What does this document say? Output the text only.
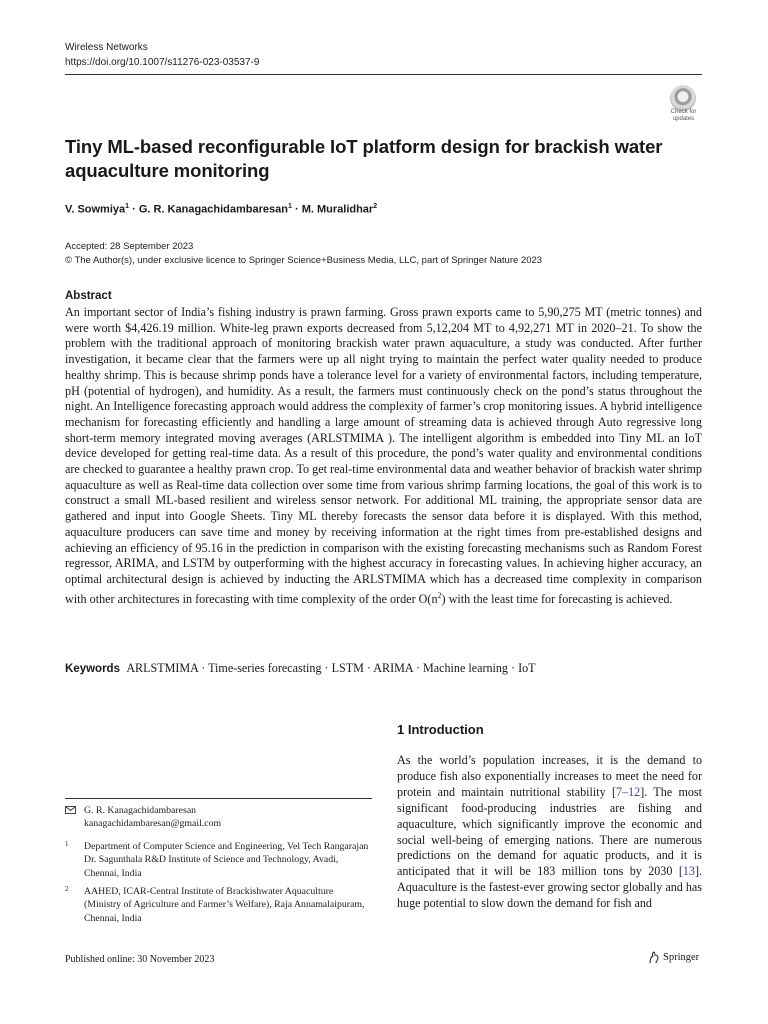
Wireless Networks
https://doi.org/10.1007/s11276-023-03537-9
Check for
updates
Tiny ML-based reconfigurable IoT platform design for brackish water aquaculture monitoring
V. Sowmiya$^1$ · G. R. Kanagachidambaresan$^1$ · M. Muralidhar$^2$
Accepted: 28 September 2023
© The Author(s), under exclusive licence to Springer Science+Business Media, LLC, part of Springer Nature 2023
Abstract
An important sector of India’s fishing industry is prawn farming. Gross prawn exports came to 5,90,275 MT (metric tonnes) and were worth $4,426.19 million. White-leg prawn exports decreased from 5,12,204 MT to 4,92,271 MT in 2020–21. To show the problem with the traditional approach of monitoring brackish water prawn aquaculture, a study was conducted. After further investigation, it became clear that the farmers were up all night trying to maintain the perfect water quality needed to produce healthy shrimp. This is because shrimp ponds have a tolerance level for a variety of environmental factors, including temperature, pH (potential of hydrogen), and humidity. As a result, the farmers must continuously check on the pond’s status throughout the night. An Intelligence forecasting approach would address the complexity of farmer’s crop monitoring issues. A hybrid intelligence mechanism for forecasting efficiently and handling a large amount of streaming data is achieved through Auto regressive long short-term memory integrated moving averages (ARLSTMIMA ). The intelligent algorithm is embedded into Tiny ML an IoT device developed for getting real-time data. As a result of this procedure, the pond’s water quality and environmental conditions are checked to guarantee a healthy prawn crop. To get real-time environmental data and weather behavior of brackish water shrimp aquaculture as well as Real-time data collection over some time from various shrimp farming locations, the goal of this work is to construct a small ML-based resilient and wireless sensor network. For additional ML training, the appropriate sensor data are gathered and input into Google Sheets. Tiny ML thereby forecasts the sensor data before it is displayed. With this method, aquaculture producers can save time and money by receiving information at the right times from pre-established designs and achieving an efficiency of 95.16 in the prediction in comparison with the existing forecasting mechanisms such as Random Forest regressor, ARIMA, and LSTM by outperforming with the highest accuracy in forecasting values. In achieving higher accuracy, an optimal architectural design is achieved by inducting the ARLSTMIMA which has a decreased time complexity in comparison with other architectures in forecasting with time complexity of the order $O(n^2)$ with the least time for forecasting is achieved.
Keywords ARLSTMIMA · Time-series forecasting · LSTM · ARIMA · Machine learning · IoT
1 Introduction
As the world’s population increases, it is the demand to produce fish also exponentially increases to meet the need for protein and maintain nutritional stability [7–12]. The most significant food-producing industries are fishing and aquaculture, which significantly improve the economic and social well-being of emerging nations. There are numerous predictions on the demand for aquatic products, and it is anticipated that it will be 183 million tons by 2030 [13]. Aquaculture is the fastest-ever growing sector globally and has huge potential to slow down the demand for fish and
G. R. Kanagachidambaresan
kanagachidambaresan@gmail.com
1	Department of Computer Science and Engineering, Vel Tech Rangarajan Dr. Sagunthala R&D Institute of Science and Technology, Avadi, Chennai, India
2	AAHED, ICAR-Central Institute of Brackishwater Aquaculture (Ministry of Agriculture and Farmer’s Welfare), Raja Annamalaipuram, Chennai, India
Published online: 30 November 2023	Springer
